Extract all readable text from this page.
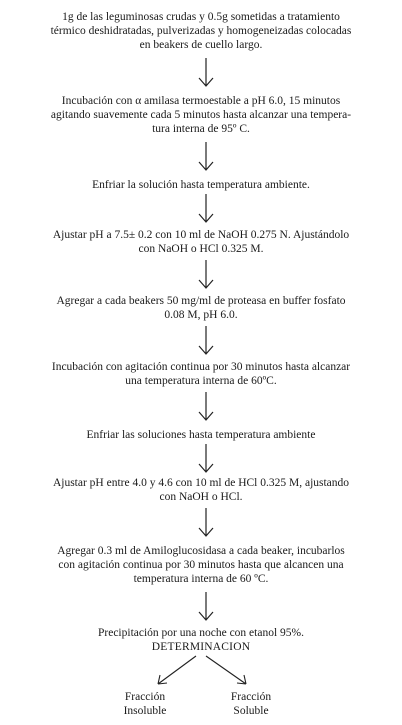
1g de las leguminosas crudas y 0.5g sometidas a tratamiento
térmico deshidratadas, pulverizadas y homogeneizadas colocadas
en beakers de cuello largo.
Incubación con α amilasa termoestable a pH 6.0, 15 minutos
agitando suavemente cada 5 minutos hasta alcanzar una tempera-
tura interna de 95º C.
Enfriar la solución hasta temperatura ambiente.
Ajustar pH a 7.5± 0.2 con 10 ml de NaOH 0.275 N. Ajustándolo
con NaOH o HCl 0.325 M.
Agregar a cada beakers 50 mg/ml de proteasa en buffer fosfato
0.08 M, pH 6.0.
Incubación con agitación continua por 30 minutos hasta alcanzar
una temperatura interna de 60ºC.
Enfriar las soluciones hasta temperatura ambiente
Ajustar pH entre 4.0 y 4.6 con 10 ml de HCl 0.325 M, ajustando
con NaOH o HCl.
Agregar 0.3 ml de Amiloglucosidasa a cada beaker, incubarlos
con agitación continua por 30 minutos hasta que alcancen una
temperatura interna de 60 ºC.
Precipitación por una noche con etanol 95%.
DETERMINACION
Fracción
Insoluble
Fracción
Soluble
